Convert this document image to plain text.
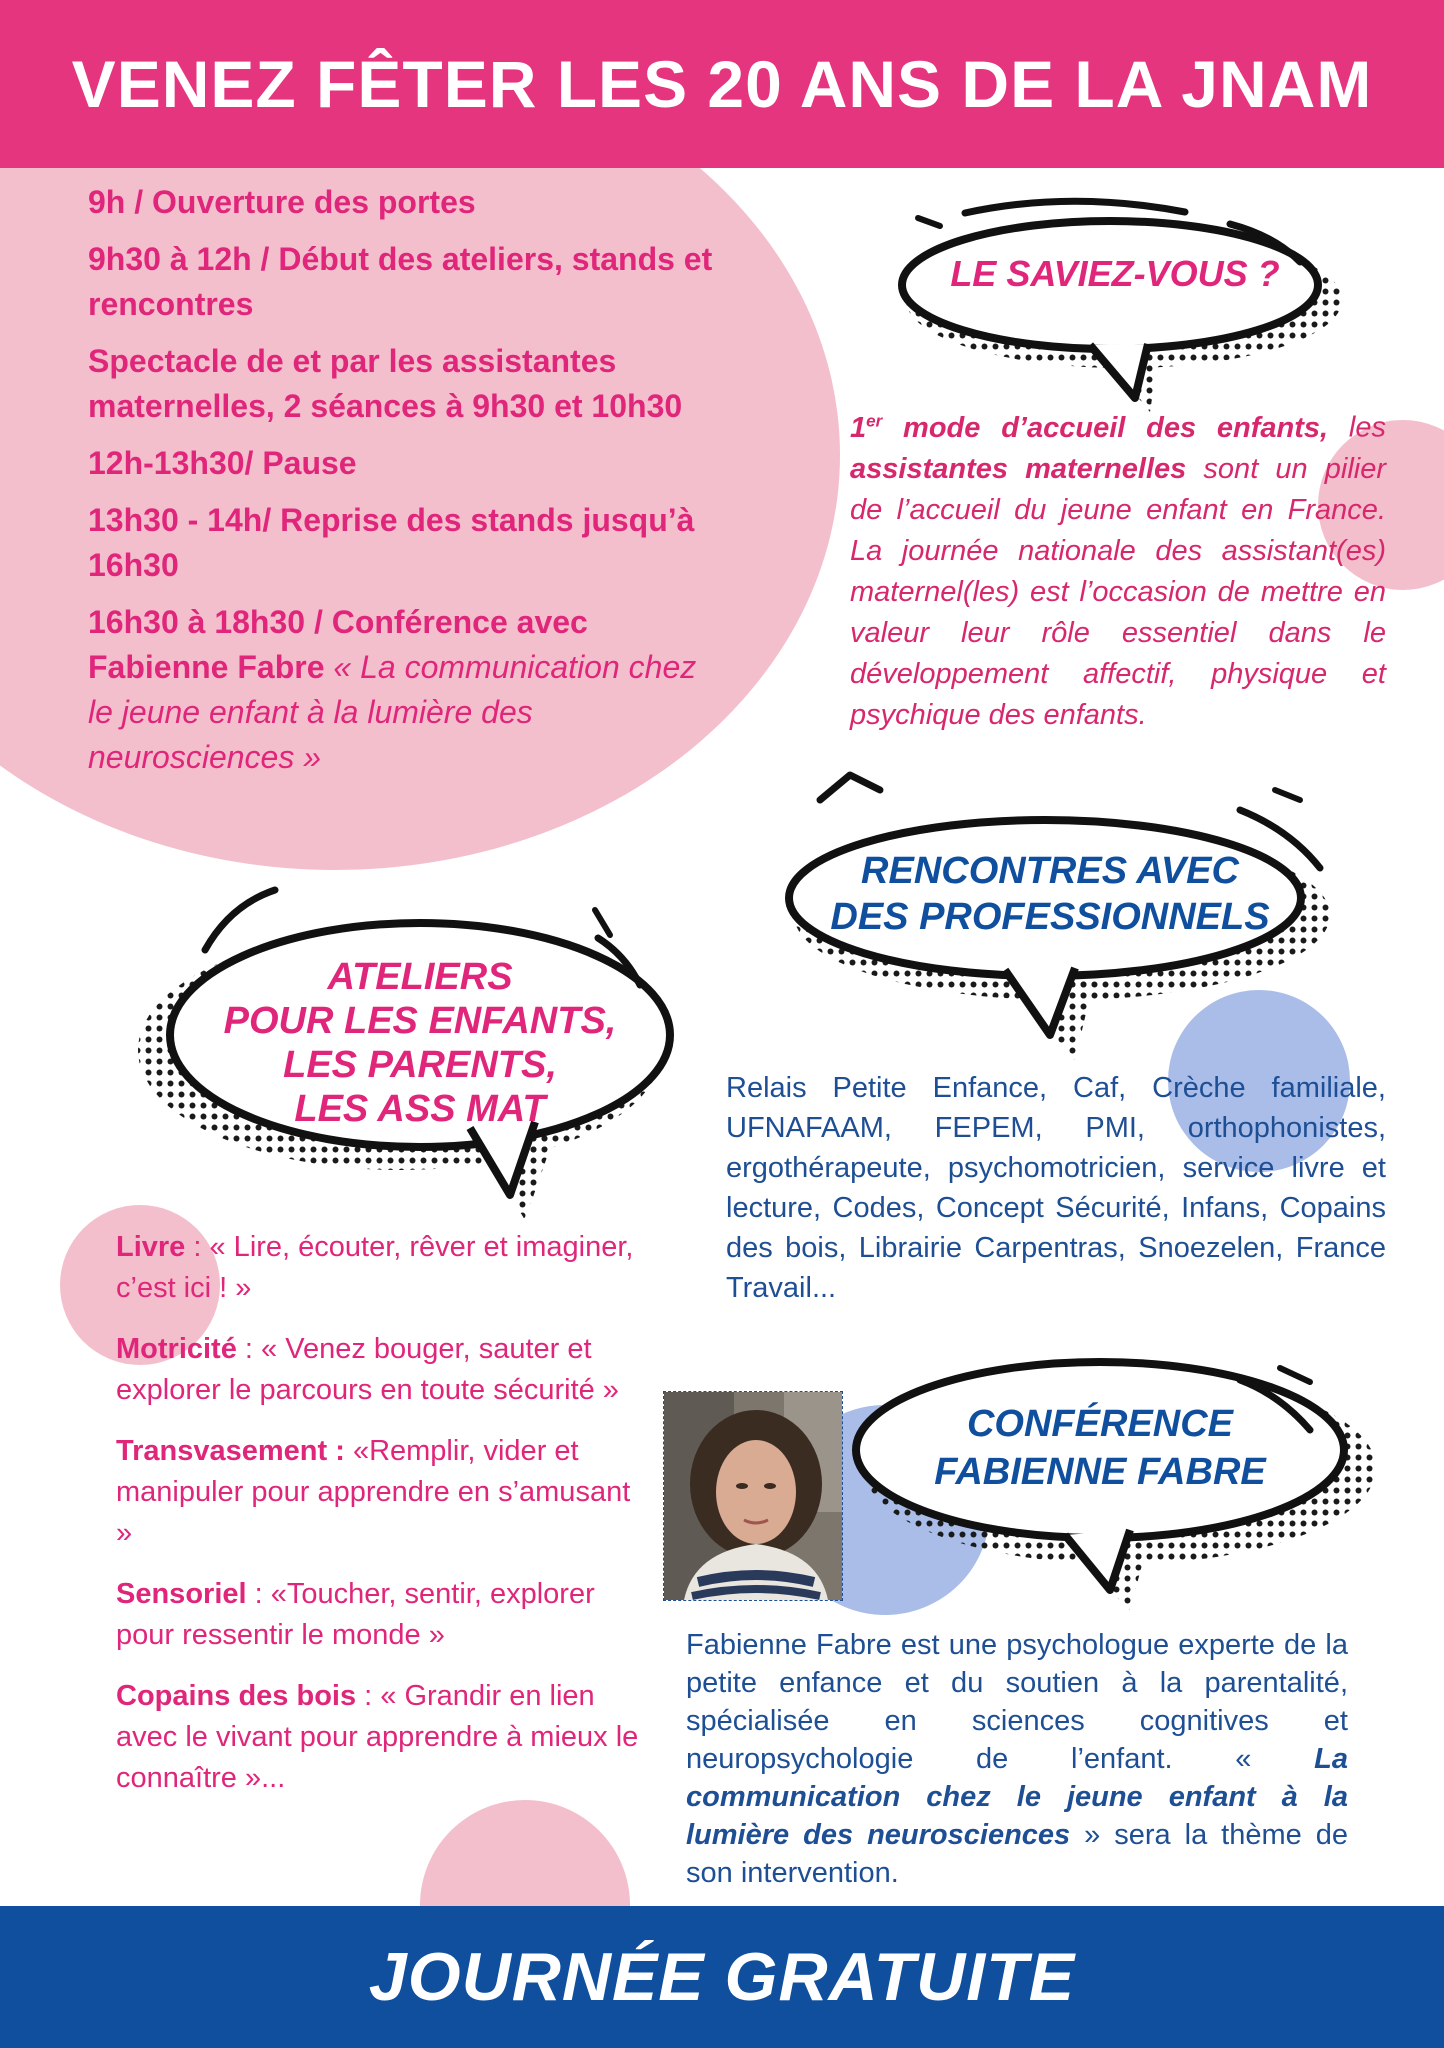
VENEZ FÊTER LES 20 ANS DE LA JNAM
LE SAVIEZ-VOUS ?
RENCONTRES AVEC
DES PROFESSIONNELS
ATELIERS
POUR LES ENFANTS,
LES PARENTS,
LES ASS MAT
CONFÉRENCE
FABIENNE FABRE
9h / Ouverture des portes
9h30 à 12h / Début des ateliers, stands et rencontres
Spectacle de et par les assistantes maternelles, 2 séances à 9h30 et 10h30
12h-13h30/ Pause
13h30 - 14h/ Reprise des stands jusqu’à 16h30
16h30 à 18h30 / Conférence avec Fabienne Fabre « La communication chez le jeune enfant à la lumière des neurosciences »
1er mode d’accueil des enfants, les assistantes maternelles sont un pilier de l’accueil du jeune enfant en France. La journée nationale des assistant(es) maternel(les) est l’occasion de mettre en valeur leur rôle essentiel dans le développement affectif, physique et psychique des enfants.
Relais Petite Enfance, Caf, Crèche familiale, UFNAFAAM, FEPEM, PMI, orthophonistes, ergothérapeute, psychomotricien, service livre et lecture, Codes, Concept Sécurité, Infans, Copains des bois, Librairie Carpentras, Snoezelen, France Travail...
Livre : « Lire, écouter, rêver et imaginer, c’est ici ! »
Motricité : « Venez bouger, sauter et explorer le parcours en toute sécurité »
Transvasement : «Remplir, vider et manipuler pour apprendre en s’amusant »
Sensoriel : «Toucher, sentir, explorer pour ressentir le monde »
Copains des bois : « Grandir en lien avec le vivant pour apprendre à mieux le connaître »...
Fabienne Fabre est une psychologue experte de la petite enfance et du soutien à la parentalité, spécialisée en sciences cognitives et neuropsychologie de l’enfant. « La communication chez le jeune enfant à la lumière des neurosciences » sera la thème de son intervention.
JOURNÉE GRATUITE
